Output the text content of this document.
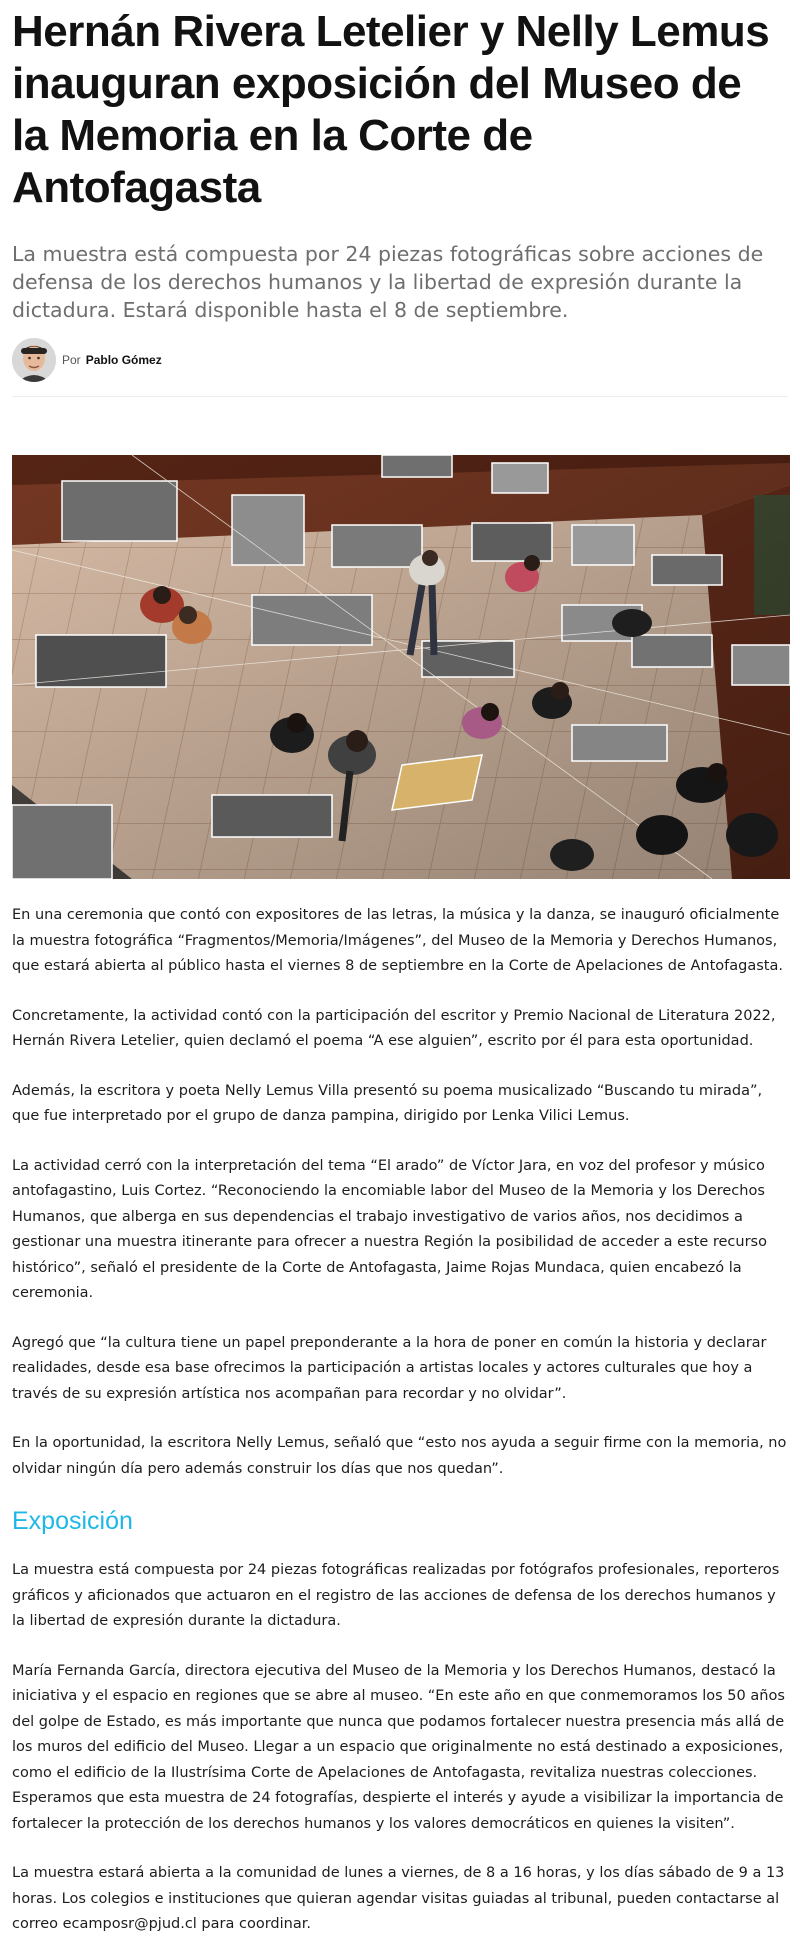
Hernán Rivera Letelier y Nelly Lemus inauguran exposición del Museo de la Memoria en la Corte de Antofagasta

La muestra está compuesta por 24 piezas fotográficas sobre acciones de defensa de los derechos humanos y la libertad de expresión durante la dictadura. Estará disponible hasta el 8 de septiembre.

Por Pablo Gómez

En una ceremonia que contó con expositores de las letras, la música y la danza, se inauguró oficialmente la muestra fotográfica “Fragmentos/Memoria/Imágenes”, del Museo de la Memoria y Derechos Humanos, que estará abierta al público hasta el viernes 8 de septiembre en la Corte de Apelaciones de Antofagasta.

Concretamente, la actividad contó con la participación del escritor y Premio Nacional de Literatura 2022, Hernán Rivera Letelier, quien declamó el poema “A ese alguien”, escrito por él para esta oportunidad.

Además, la escritora y poeta Nelly Lemus Villa presentó su poema musicalizado “Buscando tu mirada”, que fue interpretado por el grupo de danza pampina, dirigido por Lenka Vilici Lemus.

La actividad cerró con la interpretación del tema “El arado” de Víctor Jara, en voz del profesor y músico antofagastino, Luis Cortez. “Reconociendo la encomiable labor del Museo de la Memoria y los Derechos Humanos, que alberga en sus dependencias el trabajo investigativo de varios años, nos decidimos a gestionar una muestra itinerante para ofrecer a nuestra Región la posibilidad de acceder a este recurso histórico”, señaló el presidente de la Corte de Antofagasta, Jaime Rojas Mundaca, quien encabezó la ceremonia.

Agregó que “la cultura tiene un papel preponderante a la hora de poner en común la historia y declarar realidades, desde esa base ofrecimos la participación a artistas locales y actores culturales que hoy a través de su expresión artística nos acompañan para recordar y no olvidar”.

En la oportunidad, la escritora Nelly Lemus, señaló que “esto nos ayuda a seguir firme con la memoria, no olvidar ningún día pero además construir los días que nos quedan”.

Exposición

La muestra está compuesta por 24 piezas fotográficas realizadas por fotógrafos profesionales, reporteros gráficos y aficionados que actuaron en el registro de las acciones de defensa de los derechos humanos y la libertad de expresión durante la dictadura.

María Fernanda García, directora ejecutiva del Museo de la Memoria y los Derechos Humanos, destacó la iniciativa y el espacio en regiones que se abre al museo. “En este año en que conmemoramos los 50 años del golpe de Estado, es más importante que nunca que podamos fortalecer nuestra presencia más allá de los muros del edificio del Museo. Llegar a un espacio que originalmente no está destinado a exposiciones, como el edificio de la Ilustrísima Corte de Apelaciones de Antofagasta, revitaliza nuestras colecciones. Esperamos que esta muestra de 24 fotografías, despierte el interés y ayude a visibilizar la importancia de fortalecer la protección de los derechos humanos y los valores democráticos en quienes la visiten”.

La muestra estará abierta a la comunidad de lunes a viernes, de 8 a 16 horas, y los días sábado de 9 a 13 horas. Los colegios e instituciones que quieran agendar visitas guiadas al tribunal, pueden contactarse al correo ecamposr@pjud.cl para coordinar.
